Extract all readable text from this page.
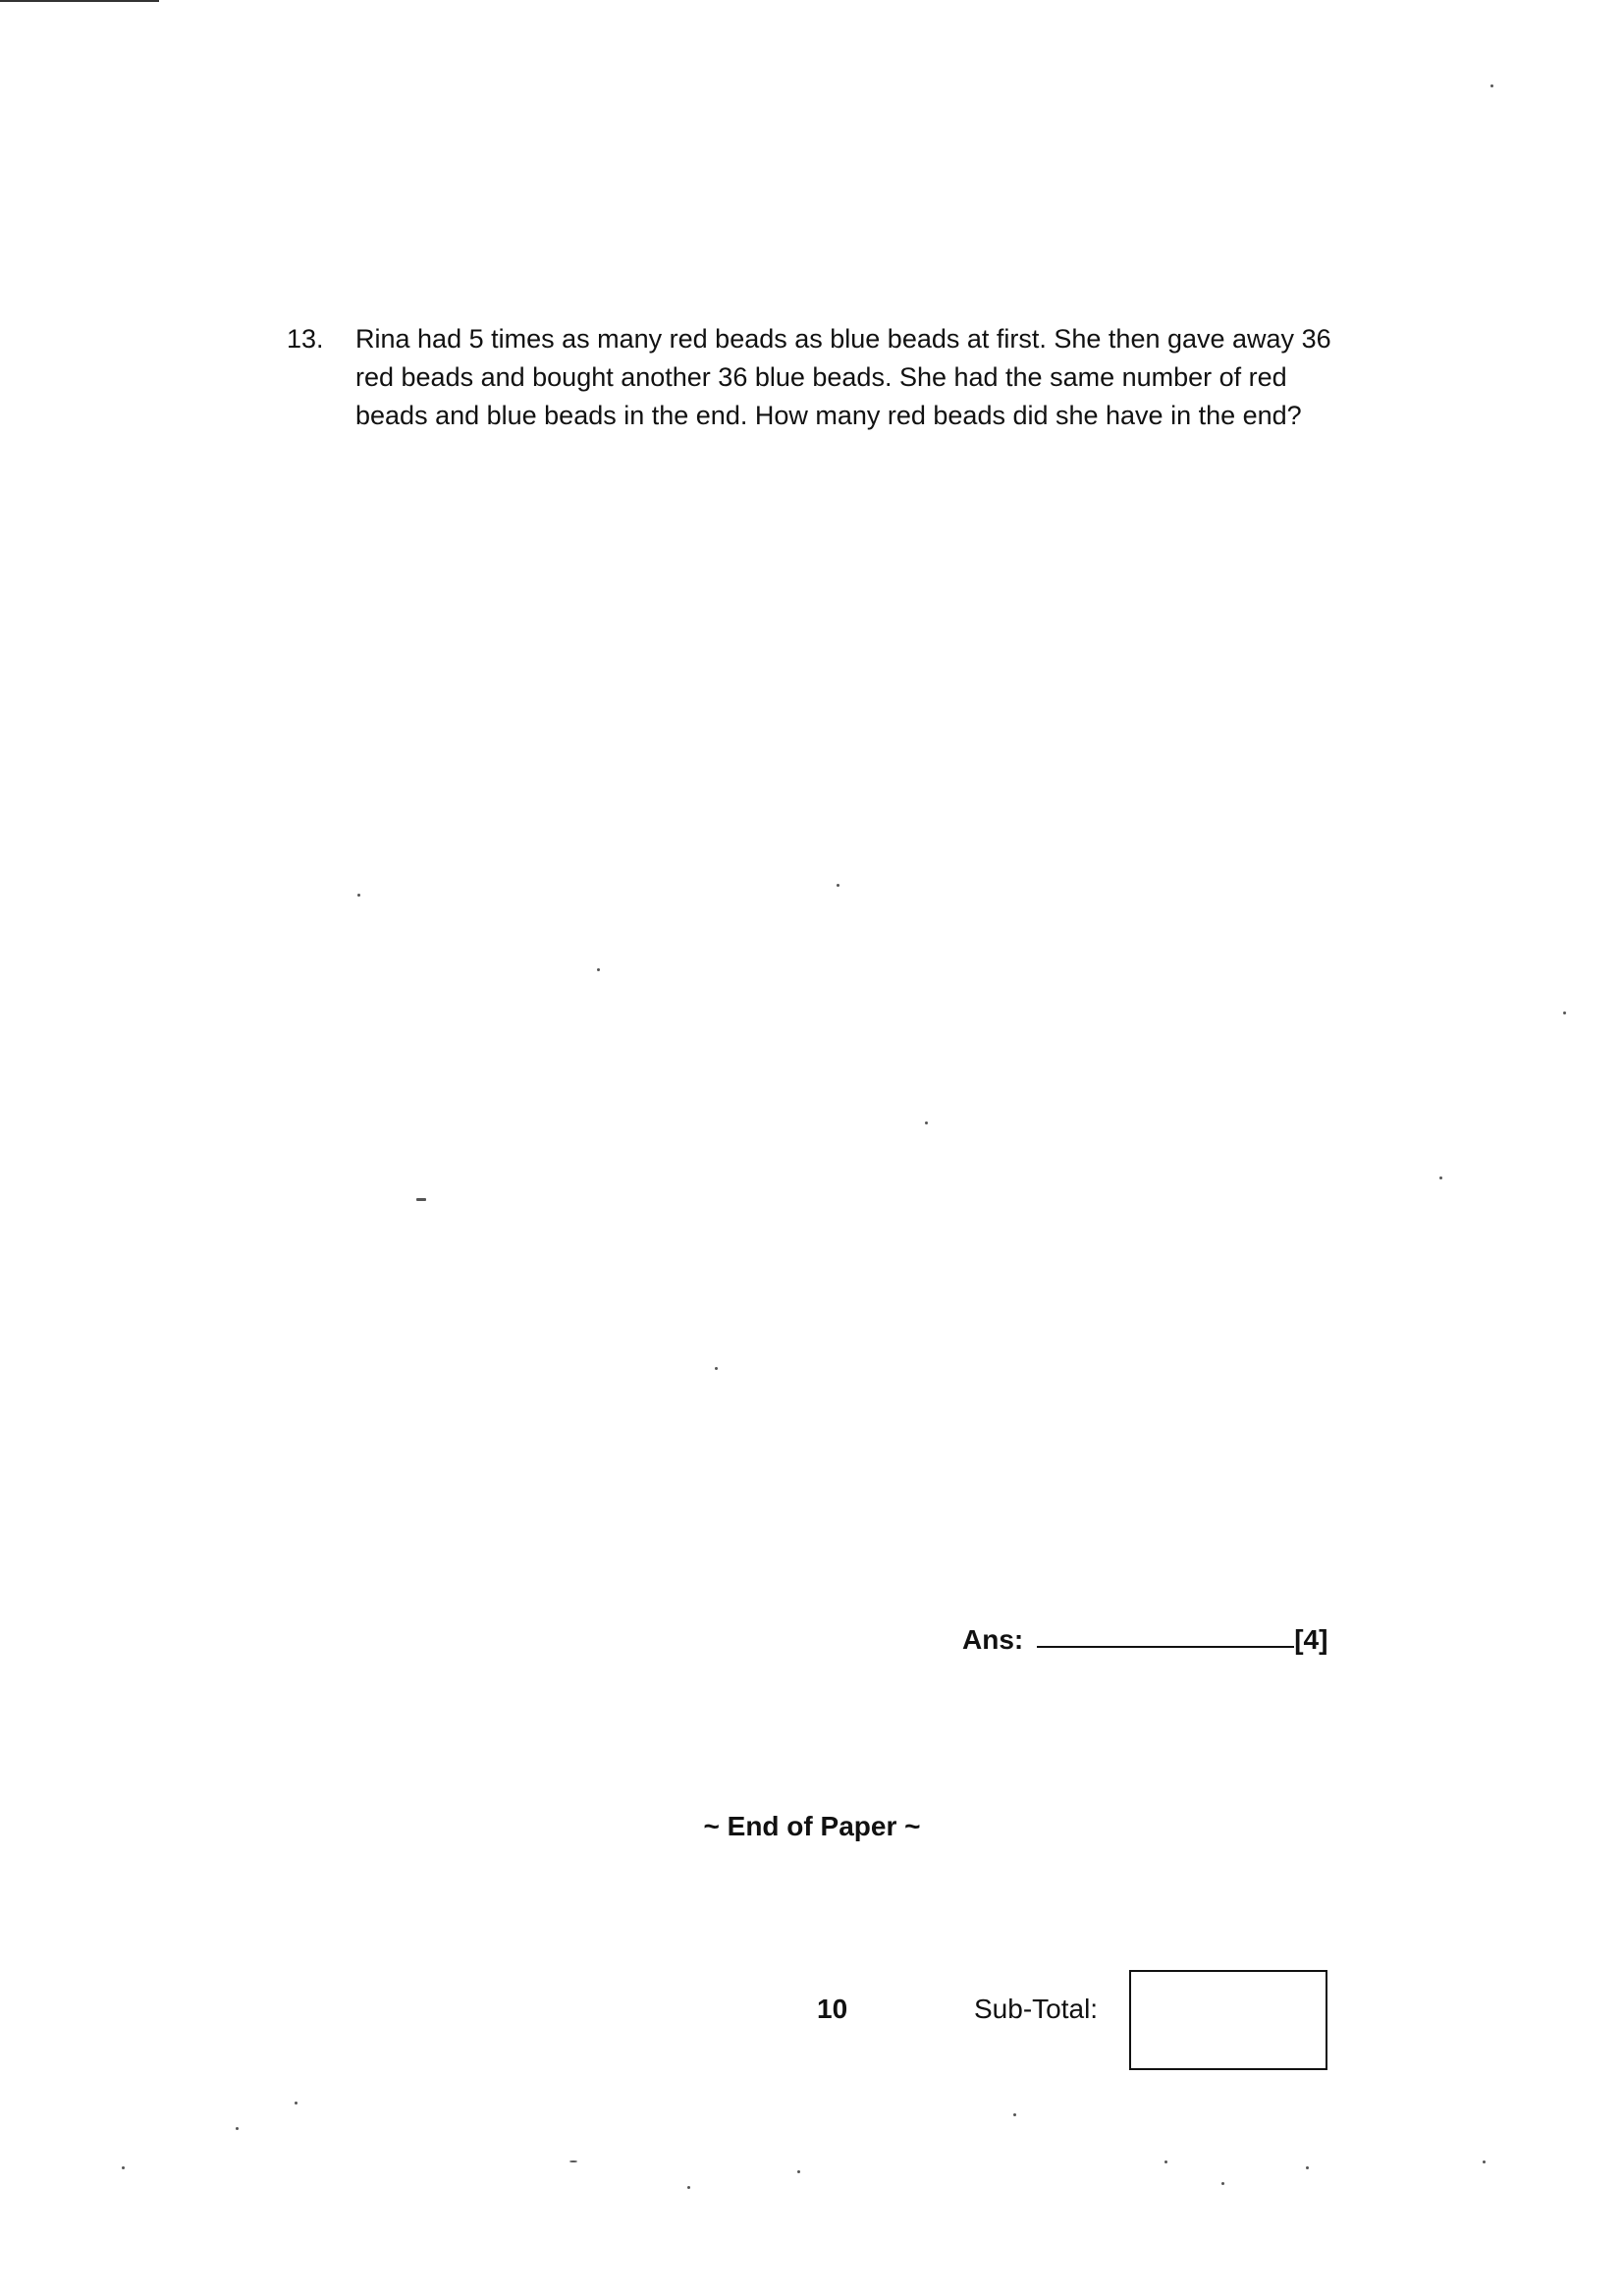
13.	Rina had 5 times as many red beads as blue beads at first. She then gave away 36 red beads and bought another 36 blue beads. She had the same number of red beads and blue beads in the end. How many red beads did she have in the end?

Ans:	[4]
~ End of Paper ~
10	Sub-Total:
